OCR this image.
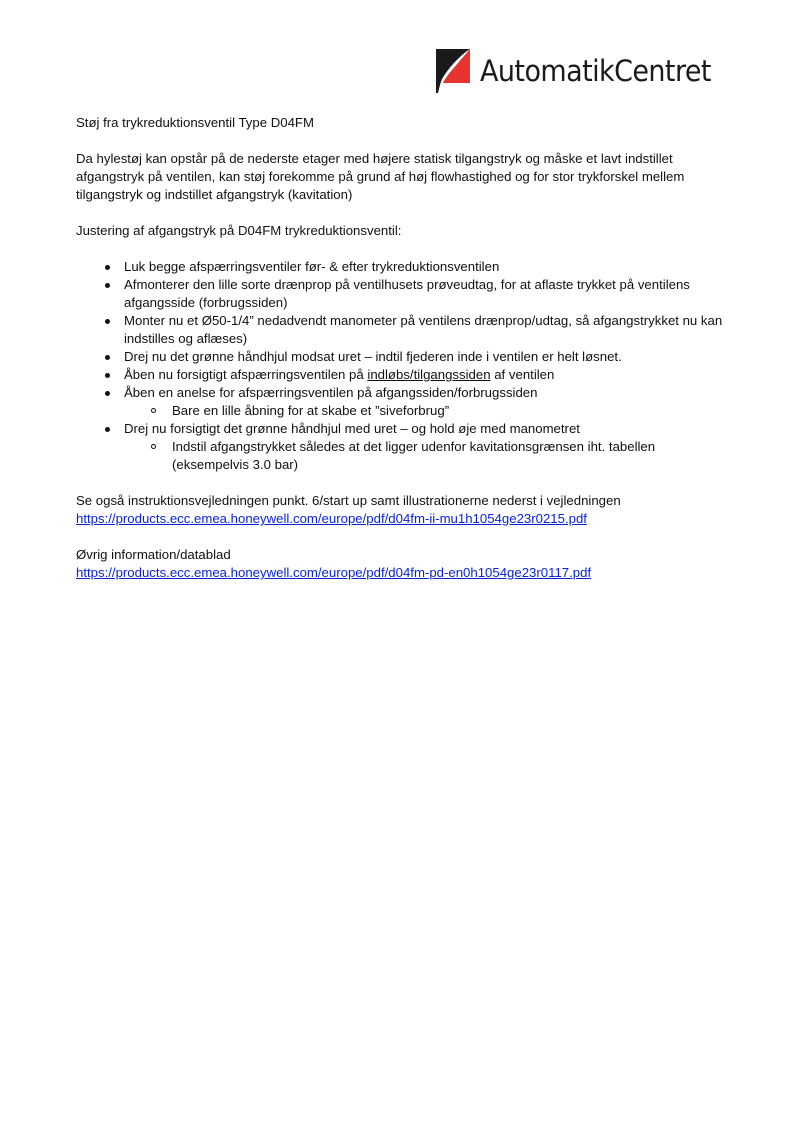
AutomatikCentret

Støj fra trykreduktionsventil Type D04FM

Da hylestøj kan opstår på de nederste etager med højere statisk tilgangstryk og måske et lavt indstillet afgangstryk på ventilen, kan støj forekomme på grund af høj flowhastighed og for stor trykforskel mellem tilgangstryk og indstillet afgangstryk (kavitation)

Justering af afgangstryk på D04FM trykreduktionsventil:

Luk begge afspærringsventiler før- & efter trykreduktionsventilen
Afmonterer den lille sorte drænprop på ventilhusets prøveudtag, for at aflaste trykket på ventilens afgangsside (forbrugssiden)
Monter nu et Ø50-1/4” nedadvendt manometer på ventilens drænprop/udtag, så afgangstrykket nu kan indstilles og aflæses)
Drej nu det grønne håndhjul modsat uret – indtil fjederen inde i ventilen er helt løsnet.
Åben nu forsigtigt afspærringsventilen på indløbs/tilgangssiden af ventilen
Åben en anelse for afspærringsventilen på afgangssiden/forbrugssiden
Bare en lille åbning for at skabe et ”siveforbrug”
Drej nu forsigtigt det grønne håndhjul med uret – og hold øje med manometret
Indstil afgangstrykket således at det ligger udenfor kavitationsgrænsen iht. tabellen (eksempelvis 3.0 bar)

Se også instruktionsvejledningen punkt. 6/start up samt illustrationerne nederst i vejledningen

https://products.ecc.emea.honeywell.com/europe/pdf/d04fm-ii-mu1h1054ge23r0215.pdf

Øvrig information/datablad

https://products.ecc.emea.honeywell.com/europe/pdf/d04fm-pd-en0h1054ge23r0117.pdf
